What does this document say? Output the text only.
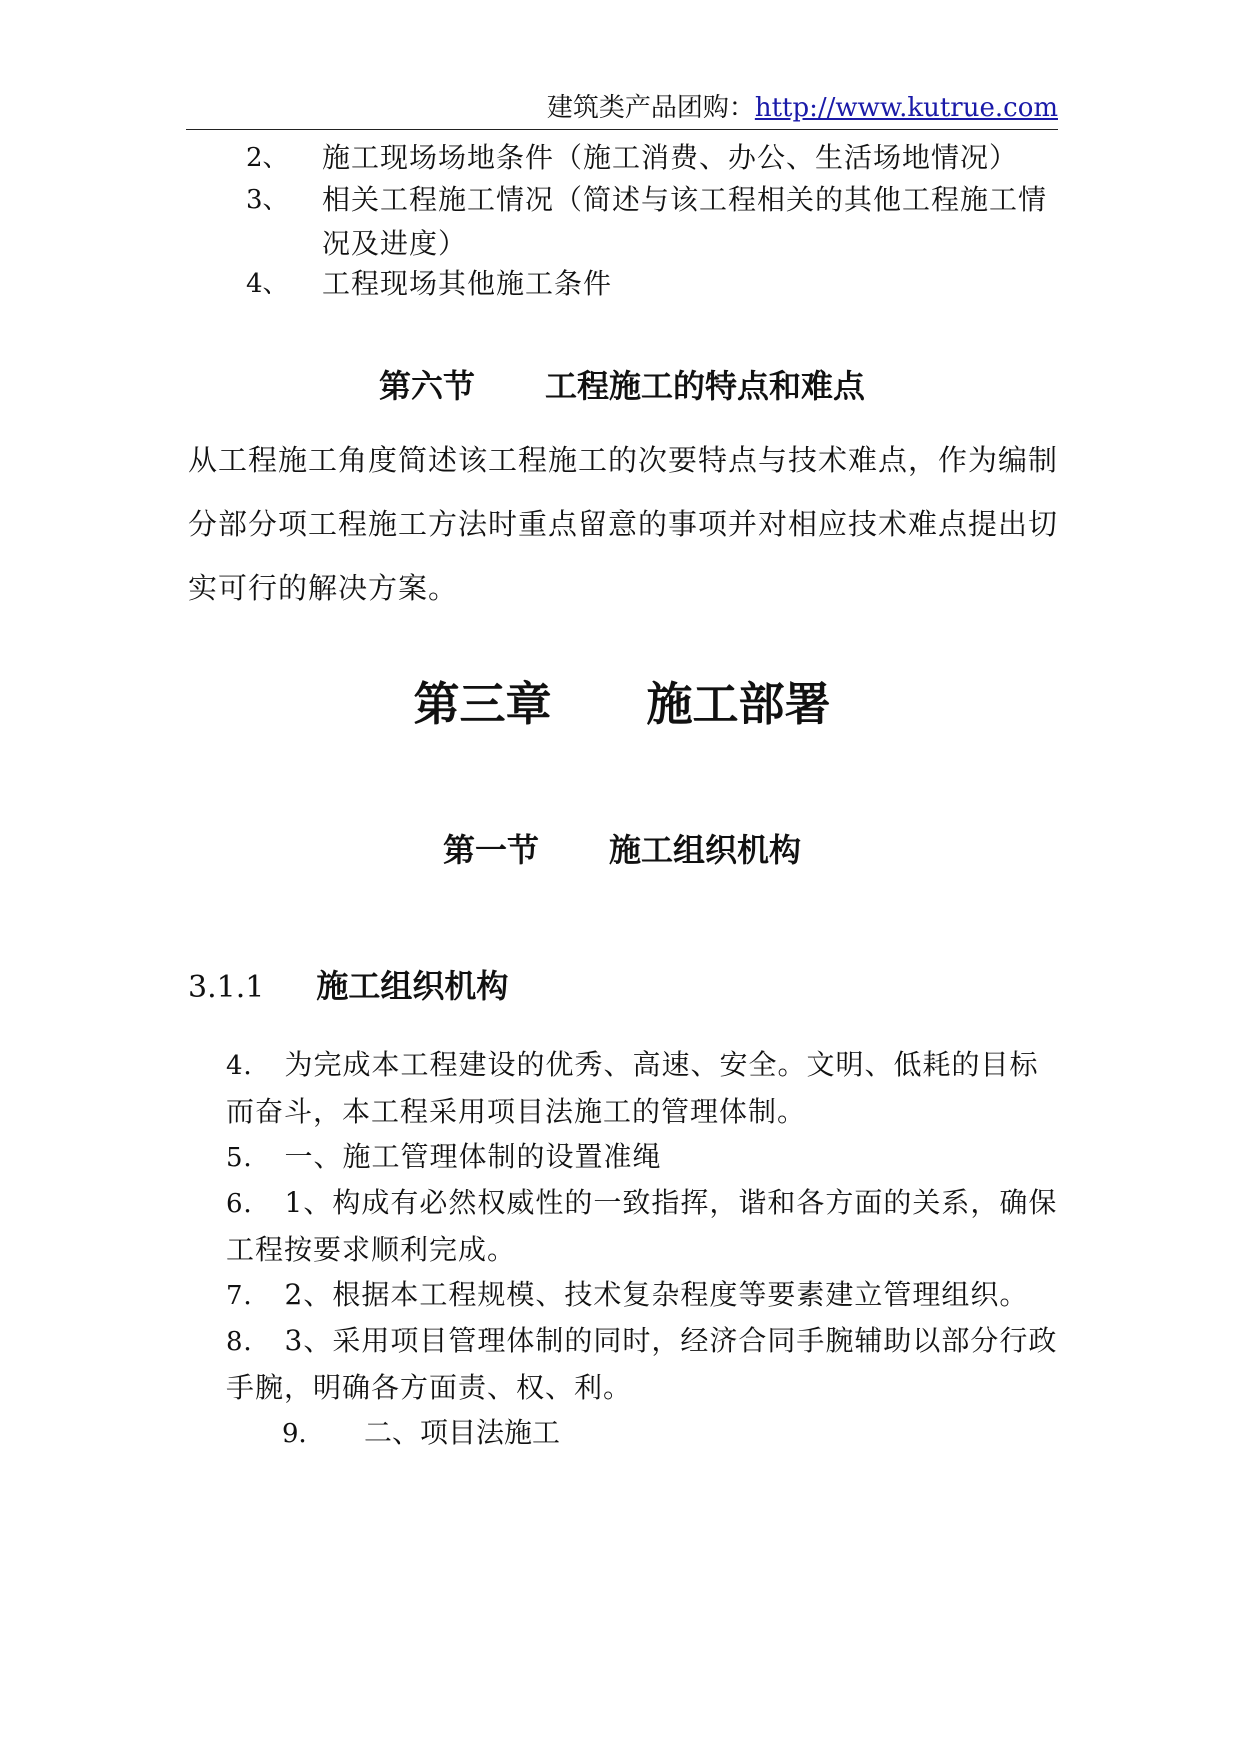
建筑类产品团购：http://www.kutrue.com
2、 施工现场场地条件（施工消费、办公、生活场地情况）
3、 相关工程施工情况（简述与该工程相关的其他工程施工情况及进度）
4、 工程现场其他施工条件
第六节 工程施工的特点和难点
从工程施工角度简述该工程施工的次要特点与技术难点，作为编制分部分项工程施工方法时重点留意的事项并对相应技术难点提出切实可行的解决方案。
第三章 施工部署
第一节 施工组织机构
3.1.1 施工组织机构
4． 为完成本工程建设的优秀、高速、安全。文明、低耗的目标而奋斗，本工程采用项目法施工的管理体制。
5． 一、施工管理体制的设置准绳
6． 1、构成有必然权威性的一致指挥，谐和各方面的关系，确保工程按要求顺利完成。
7． 2、根据本工程规模、技术复杂程度等要素建立管理组织。
8． 3、采用项目管理体制的同时，经济合同手腕辅助以部分行政手腕，明确各方面责、权、利。
9． 二、项目法施工
